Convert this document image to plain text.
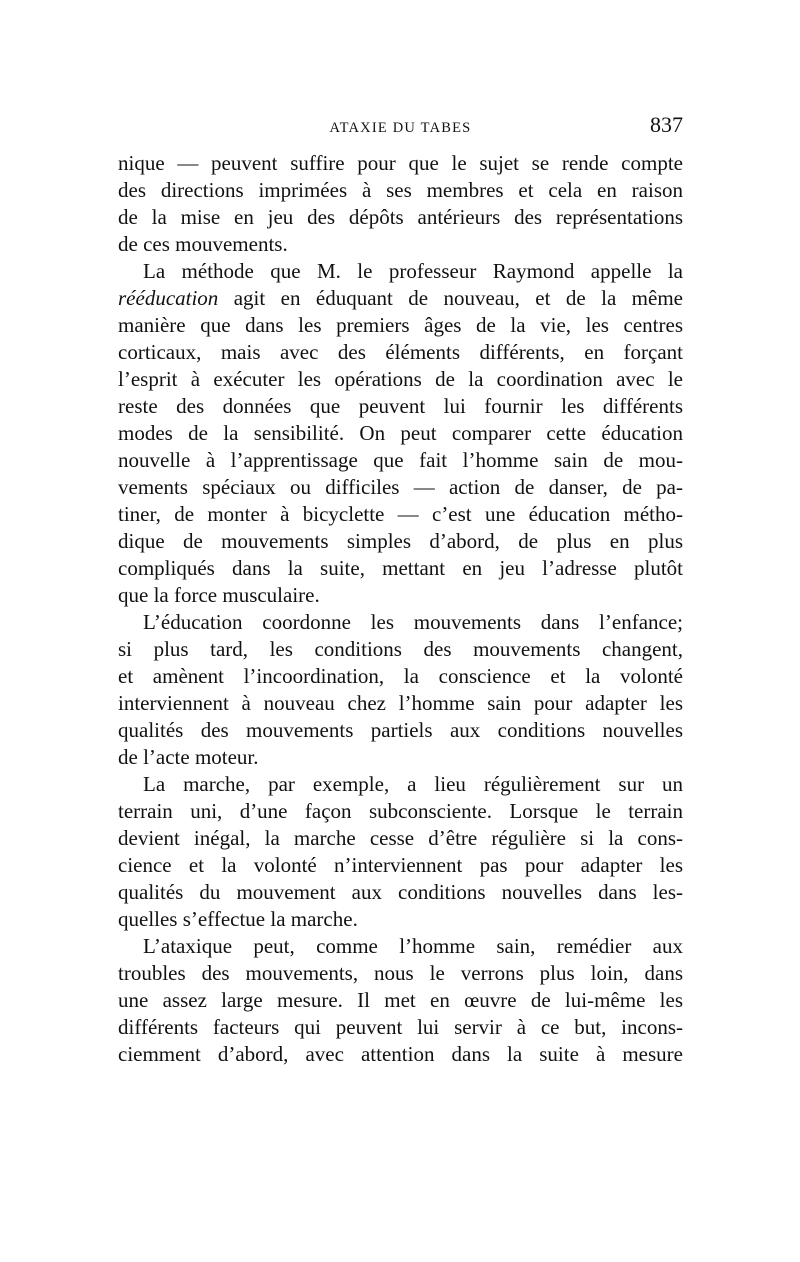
ATAXIE DU TABES	837
nique — peuvent suffire pour que le sujet se rende compte
des directions imprimées à ses membres et cela en raison
de la mise en jeu des dépôts antérieurs des représentations
de ces mouvements.
La méthode que M. le professeur Raymond appelle la
rééducation agit en éduquant de nouveau, et de la même
manière que dans les premiers âges de la vie, les centres
corticaux, mais avec des éléments différents, en forçant
l’esprit à exécuter les opérations de la coordination avec le
reste des données que peuvent lui fournir les différents
modes de la sensibilité. On peut comparer cette éducation
nouvelle à l’apprentissage que fait l’homme sain de mou-
vements spéciaux ou difficiles — action de danser, de pa-
tiner, de monter à bicyclette — c’est une éducation métho-
dique de mouvements simples d’abord, de plus en plus
compliqués dans la suite, mettant en jeu l’adresse plutôt
que la force musculaire.
L’éducation coordonne les mouvements dans l’enfance;
si plus tard, les conditions des mouvements changent,
et amènent l’incoordination, la conscience et la volonté
interviennent à nouveau chez l’homme sain pour adapter les
qualités des mouvements partiels aux conditions nouvelles
de l’acte moteur.
La marche, par exemple, a lieu régulièrement sur un
terrain uni, d’une façon subconsciente. Lorsque le terrain
devient inégal, la marche cesse d’être régulière si la cons-
cience et la volonté n’interviennent pas pour adapter les
qualités du mouvement aux conditions nouvelles dans les-
quelles s’effectue la marche.
L’ataxique peut, comme l’homme sain, remédier aux
troubles des mouvements, nous le verrons plus loin, dans
une assez large mesure. Il met en œuvre de lui-même les
différents facteurs qui peuvent lui servir à ce but, incons-
ciemment d’abord, avec attention dans la suite à mesure
